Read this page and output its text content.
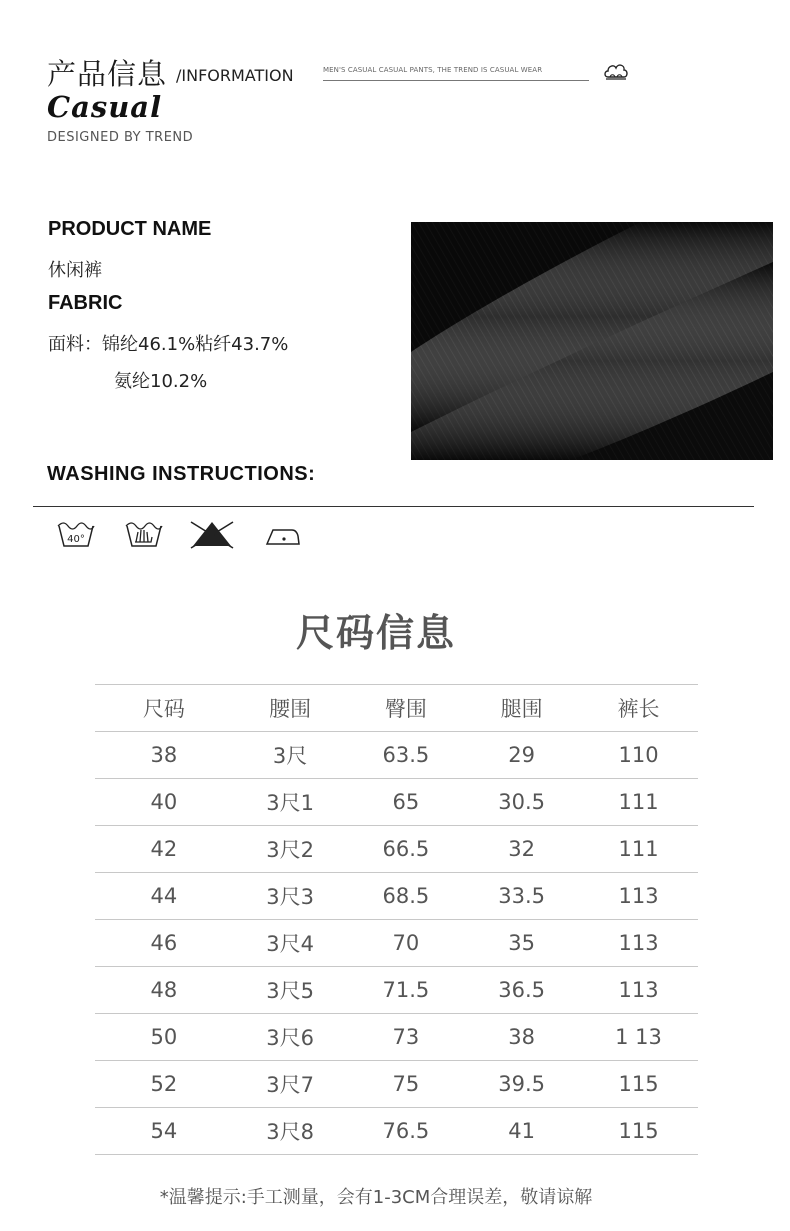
产品信息 /INFORMATION
Casual
DESIGNED BY TREND
MEN'S CASUAL CASUAL PANTS, THE TREND IS CASUAL WEAR
PRODUCT NAME
休闲裤
FABRIC
面料：锦纶46.1%粘纤43.7%
氨纶10.2%
WASHING INSTRUCTIONS:
40°
尺码信息
尺码	腰围	臀围	腿围	裤长
38	3尺	63.5	29	110
40	3尺1	65	30.5	111
42	3尺2	66.5	32	111
44	3尺3	68.5	33.5	113
46	3尺4	70	35	113
48	3尺5	71.5	36.5	113
50	3尺6	73	38	1 13
52	3尺7	75	39.5	115
54	3尺8	76.5	41	115
*温馨提示:手工测量，会有1-3CM合理误差，敬请谅解
